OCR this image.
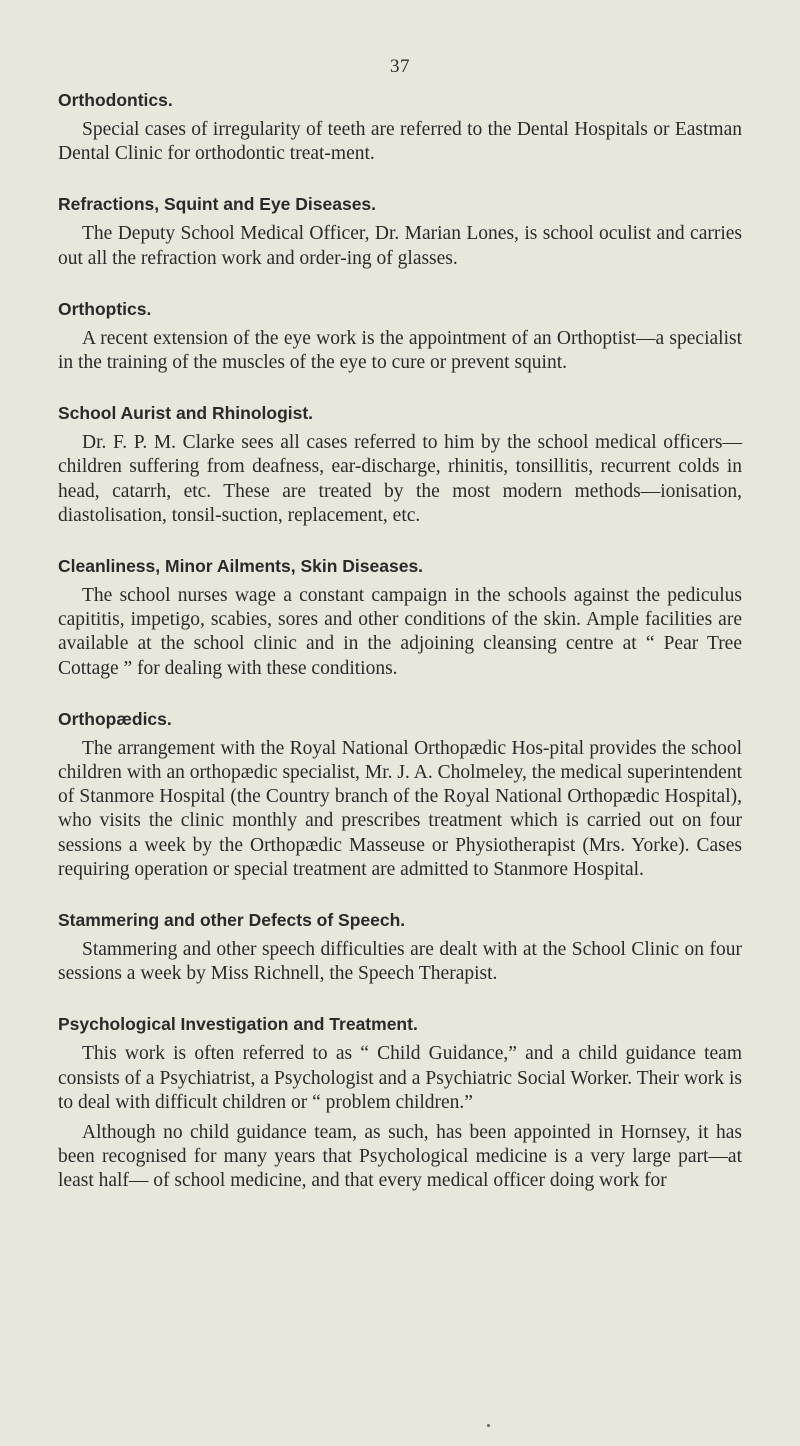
37
Orthodontics.

Special cases of irregularity of teeth are referred to the Dental Hospitals or Eastman Dental Clinic for orthodontic treat-ment.

Refractions, Squint and Eye Diseases.

The Deputy School Medical Officer, Dr. Marian Lones, is school oculist and carries out all the refraction work and order-ing of glasses.

Orthoptics.

A recent extension of the eye work is the appointment of an Orthoptist—a specialist in the training of the muscles of the eye to cure or prevent squint.

School Aurist and Rhinologist.

Dr. F. P. M. Clarke sees all cases referred to him by the school medical officers—children suffering from deafness, ear-discharge, rhinitis, tonsillitis, recurrent colds in head, catarrh, etc. These are treated by the most modern methods—ionisation, diastolisation, tonsil-suction, replacement, etc.

Cleanliness, Minor Ailments, Skin Diseases.

The school nurses wage a constant campaign in the schools against the pediculus capititis, impetigo, scabies, sores and other conditions of the skin. Ample facilities are available at the school clinic and in the adjoining cleansing centre at “ Pear Tree Cottage ” for dealing with these conditions.

Orthopædics.

The arrangement with the Royal National Orthopædic Hos-pital provides the school children with an orthopædic specialist, Mr. J. A. Cholmeley, the medical superintendent of Stanmore Hospital (the Country branch of the Royal National Orthopædic Hospital), who visits the clinic monthly and prescribes treatment which is carried out on four sessions a week by the Orthopædic Masseuse or Physiotherapist (Mrs. Yorke). Cases requiring operation or special treatment are admitted to Stanmore Hospital.

Stammering and other Defects of Speech.

Stammering and other speech difficulties are dealt with at the School Clinic on four sessions a week by Miss Richnell, the Speech Therapist.

Psychological Investigation and Treatment.

This work is often referred to as “ Child Guidance,” and a child guidance team consists of a Psychiatrist, a Psychologist and a Psychiatric Social Worker. Their work is to deal with difficult children or “ problem children.”

Although no child guidance team, as such, has been appointed in Hornsey, it has been recognised for many years that Psychological medicine is a very large part—at least half— of school medicine, and that every medical officer doing work for
